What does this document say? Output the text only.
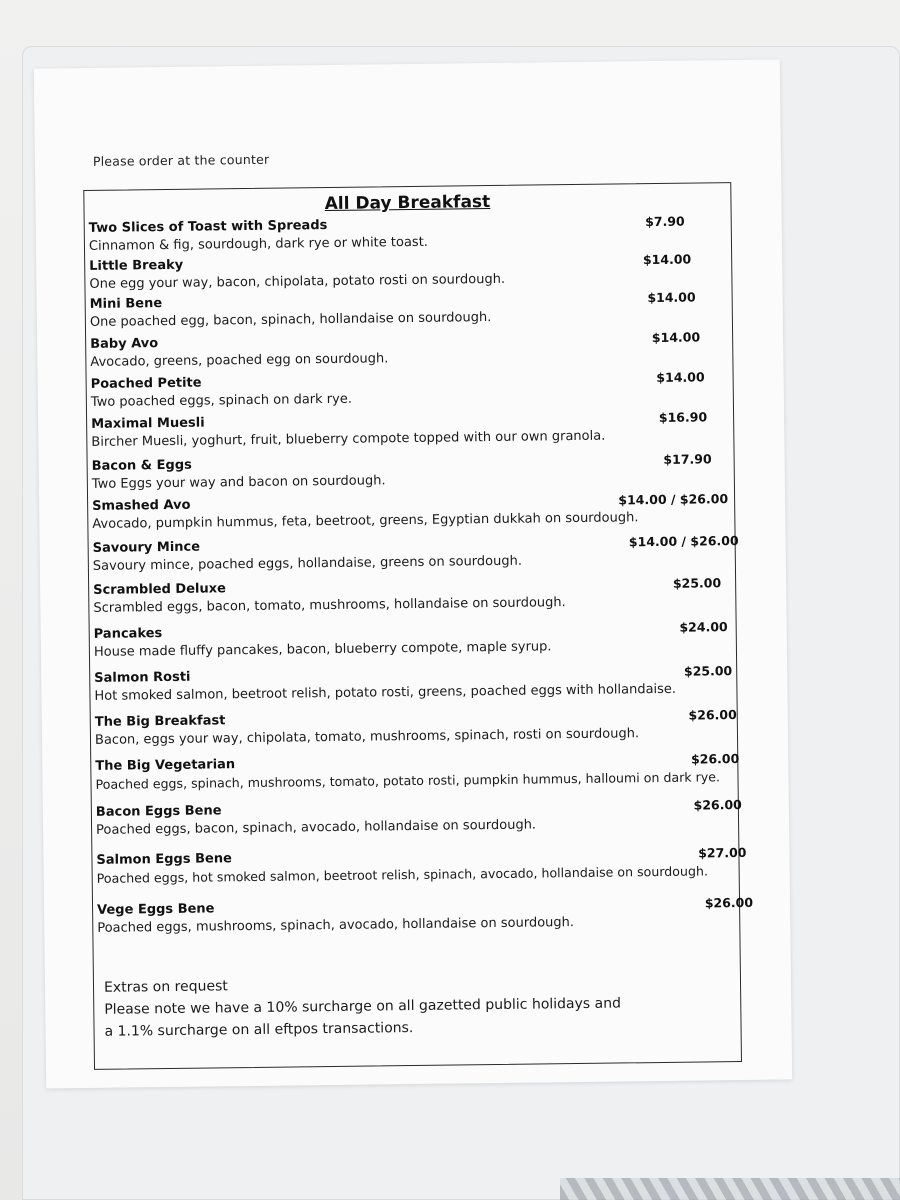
Please order at the counter
All Day Breakfast
Two Slices of Toast with Spreads	$7.90
Cinnamon & fig, sourdough, dark rye or white toast.
Little Breaky	$14.00
One egg your way, bacon, chipolata, potato rosti on sourdough.
Mini Bene	$14.00
One poached egg, bacon, spinach, hollandaise on sourdough.
Baby Avo	$14.00
Avocado, greens, poached egg on sourdough.
Poached Petite	$14.00
Two poached eggs, spinach on dark rye.
Maximal Muesli	$16.90
Bircher Muesli, yoghurt, fruit, blueberry compote topped with our own granola.
Bacon & Eggs	$17.90
Two Eggs your way and bacon on sourdough.
Smashed Avo	$14.00 / $26.00
Avocado, pumpkin hummus, feta, beetroot, greens, Egyptian dukkah on sourdough.
Savoury Mince	$14.00 / $26.00
Savoury mince, poached eggs, hollandaise, greens on sourdough.
Scrambled Deluxe	$25.00
Scrambled eggs, bacon, tomato, mushrooms, hollandaise on sourdough.
Pancakes	$24.00
House made fluffy pancakes, bacon, blueberry compote, maple syrup.
Salmon Rosti	$25.00
Hot smoked salmon, beetroot relish, potato rosti, greens, poached eggs with hollandaise.
The Big Breakfast	$26.00
Bacon, eggs your way, chipolata, tomato, mushrooms, spinach, rosti on sourdough.
The Big Vegetarian	$26.00
Poached eggs, spinach, mushrooms, tomato, potato rosti, pumpkin hummus, halloumi on dark rye.
Bacon Eggs Bene	$26.00
Poached eggs, bacon, spinach, avocado, hollandaise on sourdough.
Salmon Eggs Bene	$27.00
Poached eggs, hot smoked salmon, beetroot relish, spinach, avocado, hollandaise on sourdough.
Vege Eggs Bene	$26.00
Poached eggs, mushrooms, spinach, avocado, hollandaise on sourdough.
Extras on request
Please note we have a 10% surcharge on all gazetted public holidays and
a 1.1% surcharge on all eftpos transactions.
